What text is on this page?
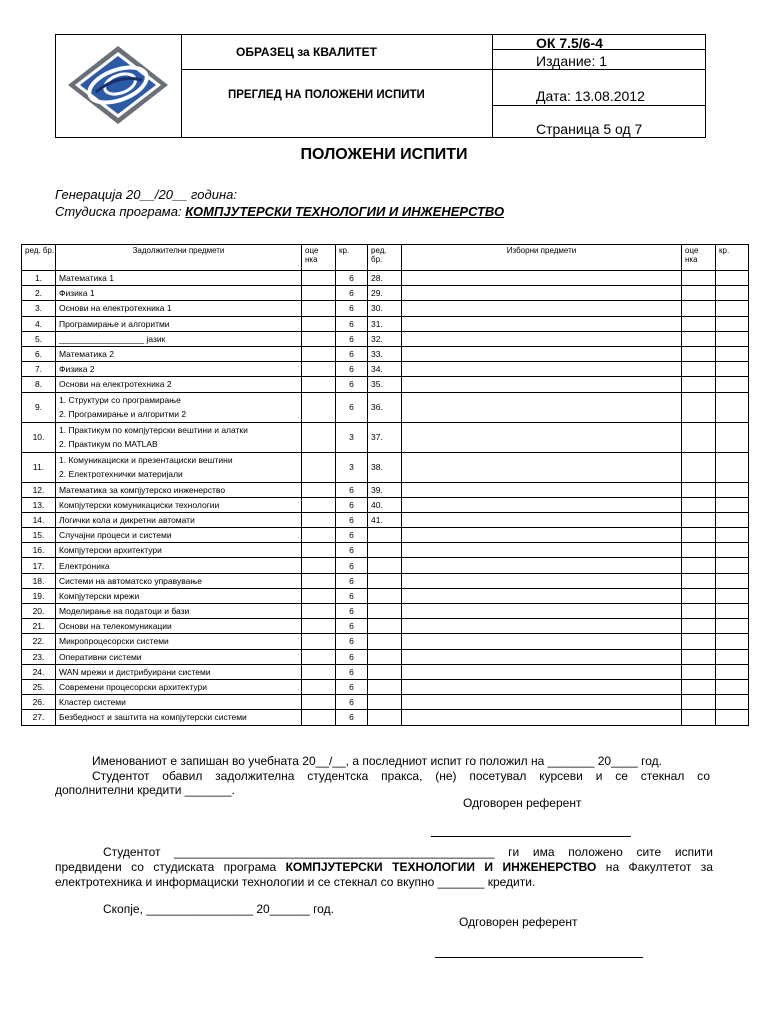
ОБРАЗЕЦ за КВАЛИТЕТ
ПРЕГЛЕД НА ПОЛОЖЕНИ ИСПИТИ
ОК 7.5/6-4
Издание: 1
Дата: 13.08.2012
Страница 5 од 7
ПОЛОЖЕНИ ИСПИТИ
Генерација 20__/20__ година:
Студиска програма: КОМПЈУТЕРСКИ ТЕХНОЛОГИИ И ИНЖЕНЕРСТВО
ред. бр.	Задолжителни предмети	оце нка	кр.	ред. бр.	Изборни предмети	оце нка	кр.
1.	Математика 1		6	28.			
2.	Физика 1		6	29.			
3.	Основи на електротехника 1		6	30.			
4.	Програмирање и алгоритми		6	31.			
5.	__________________ јазик		6	32.			
6.	Математика 2		6	33.			
7.	Физика 2		6	34.			
8.	Основи на електротехника 2		6	35.			
9.	1. Структури со програмирање
2. Програмирање и алгоритми 2		6	36.			
10.	1. Практикум по компјутерски вештини и алатки
2. Практикум по MATLAB		3	37.			
11.	1. Комуникациски и презентациски вештини
2. Електротехнички материјали		3	38.			
12.	Математика за компјутерско инженерство		6	39.			
13.	Компјутерски комуникациски технологии		6	40.			
14.	Логички кола и дикретни автомати		6	41.			
15.	Случајни процеси и системи		6				
16.	Компјутерски архитектури		6				
17.	Електроника		6				
18.	Системи на автоматско управување		6				
19.	Компјутерски мрежи		6				
20.	Моделирање на податоци и бази		6				
21.	Основи на телекомуникации		6				
22.	Микропроцесорски системи		6				
23.	Оперативни системи		6				
24.	WAN мрежи и дистрибуирани системи		6				
25.	Современи процесорски архитектури		6				
26.	Кластер системи		6				
27.	Безбедност и заштита на компјутерски системи		6				
Именованиот е запишан во учебната 20__/__, а последниот испит го положил на _______ 20____ год.
Студентот обавил задолжителна студентска пракса, (не) посетувал курсеви и се стекнал со
дополнителни кредити _______.
Одговорен референт
Студентот ________________________________________________ ги има положено сите испити
предвидени со студиската програма КОМПЈУТЕРСКИ ТЕХНОЛОГИИ И ИНЖЕНЕРСТВО на Факултетот за
електротехника и информациски технологии и се стекнал со вкупно _______ кредити.
Скопје, ________________ 20______ год.
Одговорен референт
